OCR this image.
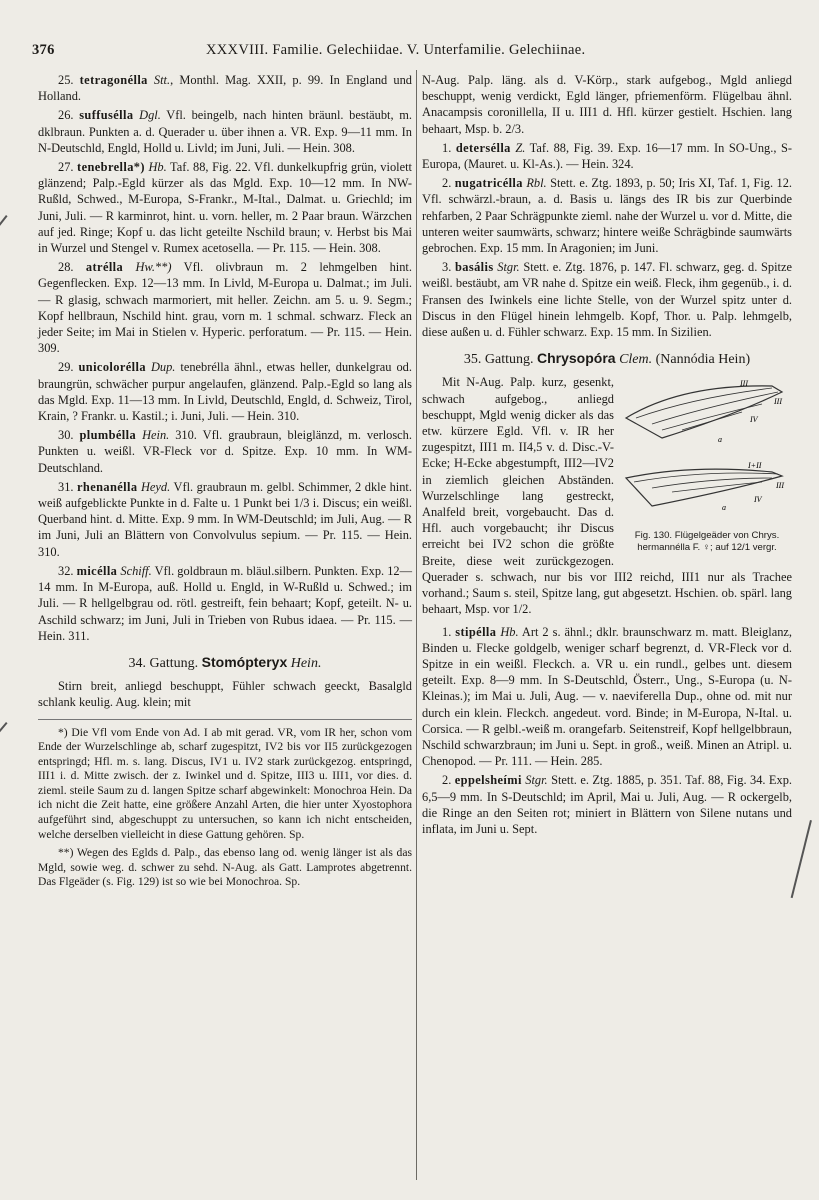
376	XXXVIII. Familie. Gelechiidae. V. Unterfamilie. Gelechiinae.

25. tetragonélla Stt., Monthl. Mag. XXII, p. 99. In England und Holland.

26. suffusélla Dgl. Vfl. beingelb, nach hinten bräunl. bestäubt, m. dklbraun. Punkten a. d. Querader u. über ihnen a. VR. Exp. 9—11 mm. In N-Deutschld, Engld, Holld u. Livld; im Juni, Juli. — Hein. 308.

27. tenebrella*) Hb. Taf. 88, Fig. 22. Vfl. dunkelkupfrig grün, violett glänzend; Palp.-Egld kürzer als das Mgld. Exp. 10—12 mm. In NW-Rußld, Schwed., M-Europa, S-Frankr., M-Ital., Dalmat. u. Griechld; im Juni, Juli. — R karminrot, hint. u. vorn. heller, m. 2 Paar braun. Wärzchen auf jed. Ringe; Kopf u. das licht geteilte Nschild braun; v. Herbst bis Mai in Wurzel und Stengel v. Rumex acetosella. — Pr. 115. — Hein. 308.

28. atrélla Hw.**) Vfl. olivbraun m. 2 lehmgelben hint. Gegenflecken. Exp. 12—13 mm. In Livld, M-Europa u. Dalmat.; im Juli. — R glasig, schwach marmoriert, mit heller. Zeichn. am 5. u. 9. Segm.; Kopf hellbraun, Nschild hint. grau, vorn m. 1 schmal. schwarz. Fleck an jeder Seite; im Mai in Stielen v. Hyperic. perforatum. — Pr. 115. — Hein. 309.

29. unicolorélla Dup. tenebrélla ähnl., etwas heller, dunkelgrau od. braungrün, schwächer purpur angelaufen, glänzend. Palp.-Egld so lang als das Mgld. Exp. 11—13 mm. In Livld, Deutschld, Engld, d. Schweiz, Tirol, Krain, ? Frankr. u. Kastil.; i. Juni, Juli. — Hein. 310.

30. plumbélla Hein. 310. Vfl. graubraun, bleiglänzd, m. verlosch. Punkten u. weißl. VR-Fleck vor d. Spitze. Exp. 10 mm. In WM-Deutschland.

31. rhenanélla Heyd. Vfl. graubraun m. gelbl. Schimmer, 2 dkle hint. weiß aufgeblickte Punkte in d. Falte u. 1 Punkt bei 1/3 i. Discus; ein weißl. Querband hint. d. Mitte. Exp. 9 mm. In WM-Deutschld; im Juli, Aug. — R im Juni, Juli an Blättern von Convolvulus sepium. — Pr. 115. — Hein. 310.

32. micélla Schiff. Vfl. goldbraun m. bläul.silbern. Punkten. Exp. 12—14 mm. In M-Europa, auß. Holld u. Engld, in W-Rußld u. Schwed.; im Juli. — R hellgelbgrau od. rötl. gestreift, fein behaart; Kopf, geteilt. N- u. Aschild schwarz; im Juni, Juli in Trieben von Rubus idaea. — Pr. 115. — Hein. 311.

34. Gattung. Stomópteryx Hein.

Stirn breit, anliegd beschuppt, Fühler schwach geeckt, Basalgld schlank keulig. Aug. klein; mit

*) Die Vfl vom Ende von Ad. I ab mit gerad. VR, vom IR her, schon vom Ende der Wurzelschlinge ab, scharf zugespitzt, IV2 bis vor II5 zurückgezogen entspringd; Hfl. m. s. lang. Discus, IV1 u. IV2 stark zurückgezog. entspringd, III1 i. d. Mitte zwisch. der z. Iwinkel und d. Spitze, III3 u. III1, vor dies. d. zieml. steile Saum zu d. langen Spitze scharf abgewinkelt: Monochroa Hein. Da ich nicht die Zeit hatte, eine größere Anzahl Arten, die hier unter Xyostophora aufgeführt sind, abgeschuppt zu untersuchen, so kann ich nicht entscheiden, welche derselben vielleicht in diese Gattung gehören. Sp.

**) Wegen des Eglds d. Palp., das ebenso lang od. wenig länger ist als das Mgld, sowie weg. d. schwer zu sehd. N-Aug. als Gatt. Lamprotes abgetrennt. Das Flgeäder (s. Fig. 129) ist so wie bei Monochroa. Sp.

N-Aug. Palp. läng. als d. V-Körp., stark aufgebog., Mgld anliegd beschuppt, wenig verdickt, Egld länger, pfriemenförm. Flügelbau ähnl. Anacampsis coronillella, II u. III1 d. Hfl. kürzer gestielt. Hschien. lang behaart, Msp. b. 2/3.

1. detersélla Z. Taf. 88, Fig. 39. Exp. 16—17 mm. In SO-Ung., S-Europa, (Mauret. u. Kl-As.). — Hein. 324.

2. nugatricélla Rbl. Stett. e. Ztg. 1893, p. 50; Iris XI, Taf. 1, Fig. 12. Vfl. schwärzl.-braun, a. d. Basis u. längs des IR bis zur Querbinde rehfarben, 2 Paar Schrägpunkte zieml. nahe der Wurzel u. vor d. Mitte, die unteren weiter saumwärts, schwarz; hintere weiße Schrägbinde saumwärts gebrochen. Exp. 15 mm. In Aragonien; im Juni.

3. basális Stgr. Stett. e. Ztg. 1876, p. 147. Fl. schwarz, geg. d. Spitze weißl. bestäubt, am VR nahe d. Spitze ein weiß. Fleck, ihm gegenüb., i. d. Fransen des Iwinkels eine lichte Stelle, von der Wurzel spitz unter d. Discus in den Flügel hinein lehmgelb. Kopf, Thor. u. Palp. lehmgelb, diese außen u. d. Fühler schwarz. Exp. 15 mm. In Sizilien.

35. Gattung. Chrysopóra Clem. (Nannódia Hein)
III
III
IV
a
I+II
III
IV
a
Fig. 130. Flügelgeäder von Chrys. hermannélla F. ♀; auf 12/1 vergr.

Mit N-Aug. Palp. kurz, gesenkt, schwach aufgebog., anliegd beschuppt, Mgld wenig dicker als das etw. kürzere Egld. Vfl. v. IR her zugespitzt, III1 m. II4,5 v. d. Disc.-V-Ecke; H-Ecke abgestumpft, III2—IV2 in ziemlich gleichen Abständen. Wurzelschlinge lang gestreckt, Analfeld breit, vorgebaucht. Das d. Hfl. auch vorgebaucht; ihr Discus erreicht bei IV2 schon die größte Breite, diese weit zurückgezogen. Querader s. schwach, nur bis vor III2 reichd, III1 nur als Trachee vorhand.; Saum s. steil, Spitze lang, gut abgesetzt. Hschien. ob. spärl. lang behaart, Msp. vor 1/2.

1. stipélla Hb. Art 2 s. ähnl.; dklr. braunschwarz m. matt. Bleiglanz, Binden u. Flecke goldgelb, weniger scharf begrenzt, d. VR-Fleck vor d. Spitze in ein weißl. Fleckch. a. VR u. ein rundl., gelbes unt. diesem geteilt. Exp. 8—9 mm. In S-Deutschld, Österr., Ung., S-Europa (u. N-Kleinas.); im Mai u. Juli, Aug. — v. naeviferella Dup., ohne od. mit nur durch ein klein. Fleckch. angedeut. vord. Binde; in M-Europa, N-Ital. u. Corsica. — R gelbl.-weiß m. orangefarb. Seitenstreif, Kopf hellgelbbraun, Nschild schwarzbraun; im Juni u. Sept. in groß., weiß. Minen an Atripl. u. Chenopod. — Pr. 111. — Hein. 285.

2. eppelsheími Stgr. Stett. e. Ztg. 1885, p. 351. Taf. 88, Fig. 34. Exp. 6,5—9 mm. In S-Deutschld; im April, Mai u. Juli, Aug. — R ockergelb, die Ringe an den Seiten rot; miniert in Blättern von Silene nutans und inflata, im Juni u. Sept.
